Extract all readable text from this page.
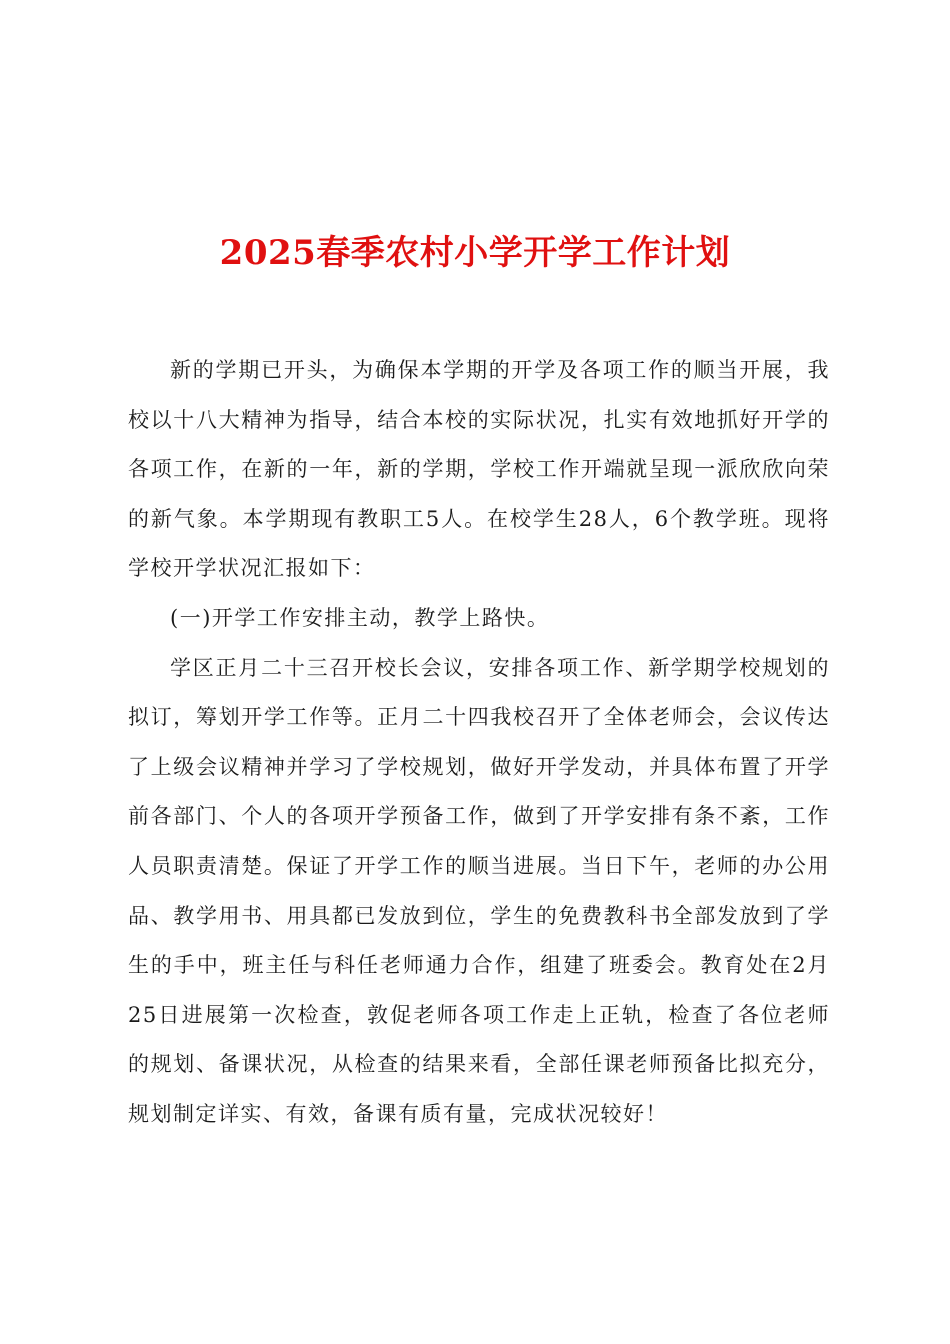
2025春季农村小学开学工作计划

新的学期已开头，为确保本学期的开学及各项工作的顺当开展，我校以十八大精神为指导，结合本校的实际状况，扎实有效地抓好开学的各项工作，在新的一年，新的学期，学校工作开端就呈现一派欣欣向荣的新气象。本学期现有教职工5人。在校学生28人，6个教学班。现将学校开学状况汇报如下：

(一)开学工作安排主动，教学上路快。

学区正月二十三召开校长会议，安排各项工作、新学期学校规划的拟订，筹划开学工作等。正月二十四我校召开了全体老师会，会议传达了上级会议精神并学习了学校规划，做好开学发动，并具体布置了开学前各部门、个人的各项开学预备工作，做到了开学安排有条不紊，工作人员职责清楚。保证了开学工作的顺当进展。当日下午，老师的办公用品、教学用书、用具都已发放到位，学生的免费教科书全部发放到了学生的手中，班主任与科任老师通力合作，组建了班委会。教育处在2月25日进展第一次检查，敦促老师各项工作走上正轨，检查了各位老师的规划、备课状况，从检查的结果来看，全部任课老师预备比拟充分，规划制定详实、有效，备课有质有量，完成状况较好！
